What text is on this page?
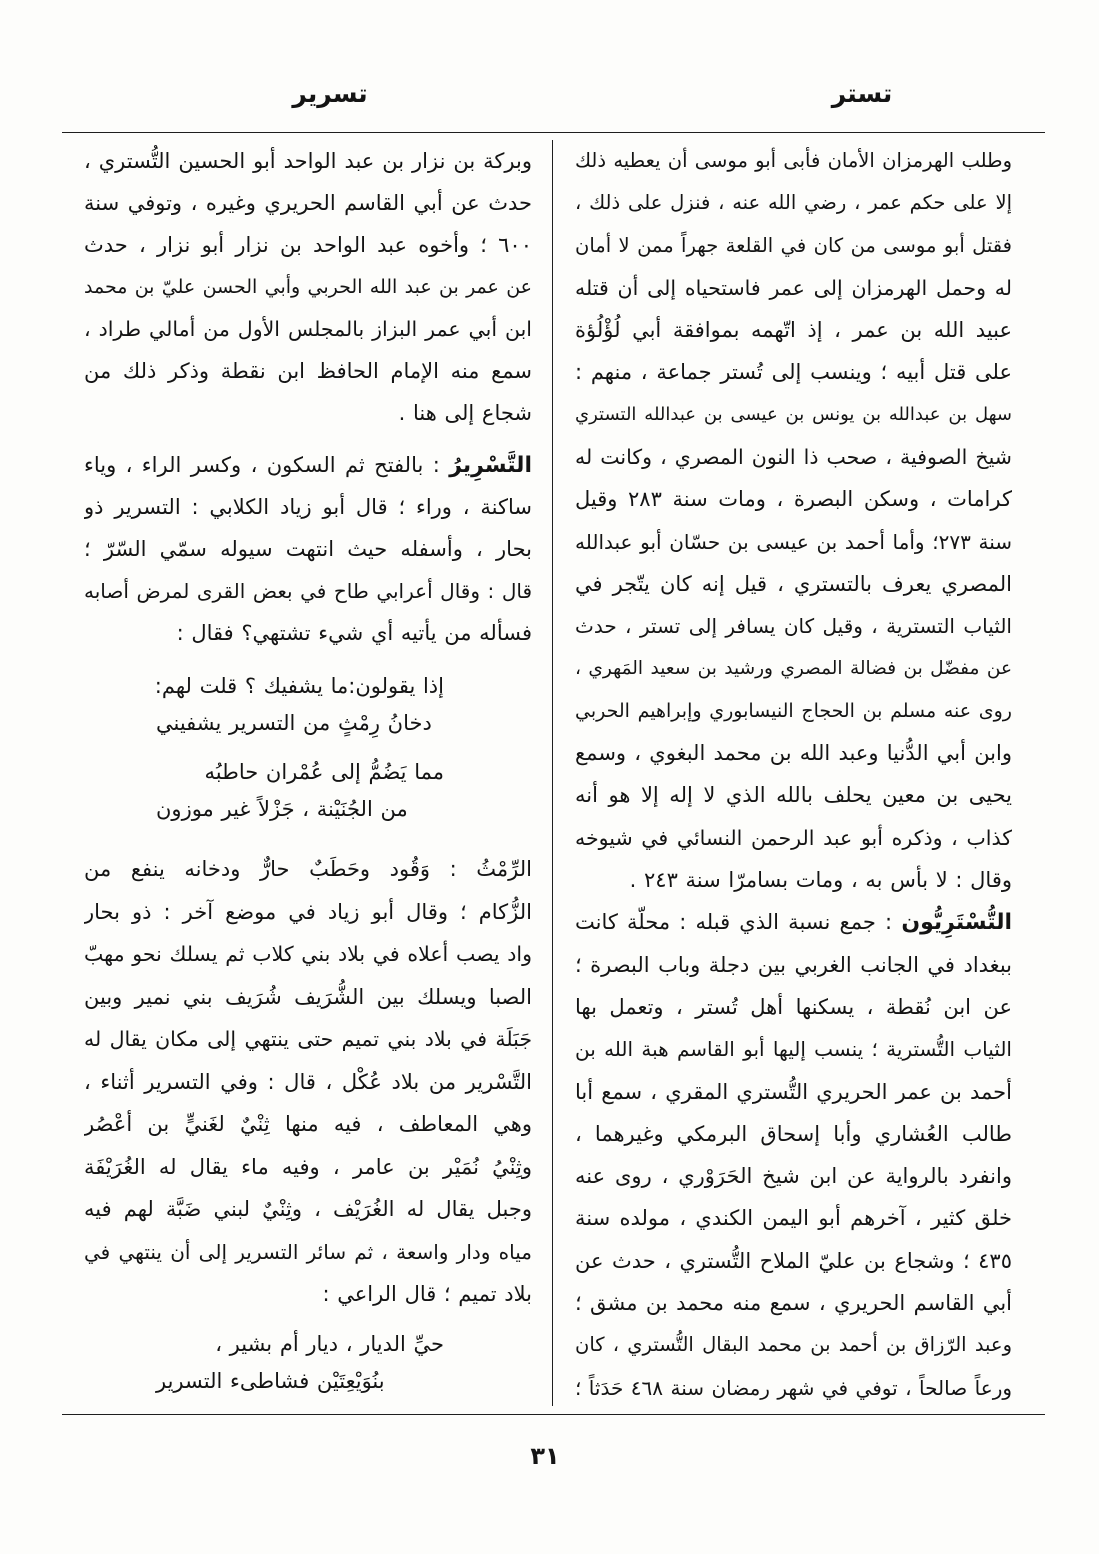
تستر
تسرير
وطلب الهرمزان الأمان فأبى أبو موسى أن يعطيه ذلك
إلا على حكم عمر ، رضي الله عنه ، فنزل على ذلك ،
فقتل أبو موسى من كان في القلعة جهراً ممن لا أمان
له وحمل الهرمزان إلى عمر فاستحياه إلى أن قتله
عبيد الله بن عمر ، إذ اتّهمه بموافقة أبي لُؤْلُؤة
على قتل أبيه ؛ وينسب إلى تُستر جماعة ، منهم :
سهل بن عبدالله بن يونس بن عيسى بن عبدالله التستري
شيخ الصوفية ، صحب ذا النون المصري ، وكانت له
كرامات ، وسكن البصرة ، ومات سنة ٢٨٣ وقيل
سنة ٢٧٣؛ وأما أحمد بن عيسى بن حسّان أبو عبدالله
المصري يعرف بالتستري ، قيل إنه كان يتّجر في
الثياب التسترية ، وقيل كان يسافر إلى تستر ، حدث
عن مفضّل بن فضالة المصري ورشيد بن سعيد المَهري ،
روى عنه مسلم بن الحجاج النيسابوري وإبراهيم الحربي
وابن أبي الدُّنيا وعبد الله بن محمد البغوي ، وسمع
يحيى بن معين يحلف بالله الذي لا إله إلا هو أنه
كذاب ، وذكره أبو عبد الرحمن النسائي في شيوخه
وقال : لا بأس به ، ومات بسامرّا سنة ٢٤٣ .
التُّسْتَرِيُّون : جمع نسبة الذي قبله : محلّة كانت
ببغداد في الجانب الغربي بين دجلة وباب البصرة ؛
عن ابن نُقطة ، يسكنها أهل تُستر ، وتعمل بها
الثياب التُّسترية ؛ ينسب إليها أبو القاسم هبة الله بن
أحمد بن عمر الحريري التُّستري المقري ، سمع أبا
طالب العُشاري وأبا إسحاق البرمكي وغيرهما ،
وانفرد بالرواية عن ابن شيخ الحَرَوْري ، روى عنه
خلق كثير ، آخرهم أبو اليمن الكندي ، مولده سنة
٤٣٥ ؛ وشجاع بن عليّ الملاح التُّستري ، حدث عن
أبي القاسم الحريري ، سمع منه محمد بن مشق ؛
وعبد الرّزاق بن أحمد بن محمد البقال التُّستري ، كان
ورعاً صالحاً ، توفي في شهر رمضان سنة ٤٦٨ حَدَثاً ؛
وبركة بن نزار بن عبد الواحد أبو الحسين التُّستري ،
حدث عن أبي القاسم الحريري وغيره ، وتوفي سنة
٦٠٠ ؛ وأخوه عبد الواحد بن نزار أبو نزار ، حدث
عن عمر بن عبد الله الحربي وأبي الحسن عليّ بن محمد
ابن أبي عمر البزاز بالمجلس الأول من أمالي طراد ،
سمع منه الإمام الحافظ ابن نقطة وذكر ذلك من
شجاع إلى هنا .
التَّسْرِيرُ : بالفتح ثم السكون ، وكسر الراء ، وياء
ساكنة ، وراء ؛ قال أبو زياد الكلابي : التسرير ذو
بحار ، وأسفله حيث انتهت سيوله سمّي السّرّ ؛
قال : وقال أعرابي طاح في بعض القرى لمرض أصابه
فسأله من يأتيه أي شيء تشتهي؟ فقال :
إذا يقولون:ما يشفيك ؟ قلت لهم:
دخانُ رِمْثٍ من التسرير يشفيني
مما يَضُمُّ إلى عُمْران حاطبُه
من الجُنَيْنة ، جَزْلاً غير موزون
الرِّمْثُ : وَقُود وحَطَبٌ حارٌّ ودخانه ينفع من
الزُّكام ؛ وقال أبو زياد في موضع آخر : ذو بحار
واد يصب أعلاه في بلاد بني كلاب ثم يسلك نحو مهبّ
الصبا ويسلك بين الشُّرَيف شُرَيف بني نمير وبين
جَبَلَة في بلاد بني تميم حتى ينتهي إلى مكان يقال له
التَّسْرير من بلاد عُكْل ، قال : وفي التسرير أثناء ،
وهي المعاطف ، فيه منها ثِنْيٌ لغَنيٍّ بن أعْصُر
وثِنْيُ نُمَيْر بن عامر ، وفيه ماء يقال له الغُرَيْفَة
وجبل يقال له الغُرَيْف ، وثِنْيٌ لبني ضَبَّة لهم فيه
مياه ودار واسعة ، ثم سائر التسرير إلى أن ينتهي في
بلاد تميم ؛ قال الراعي :
حيِّ الديار ، ديار أم بشير ،
بنُوَيْعِتَيْن فشاطىء التسرير
٣١
